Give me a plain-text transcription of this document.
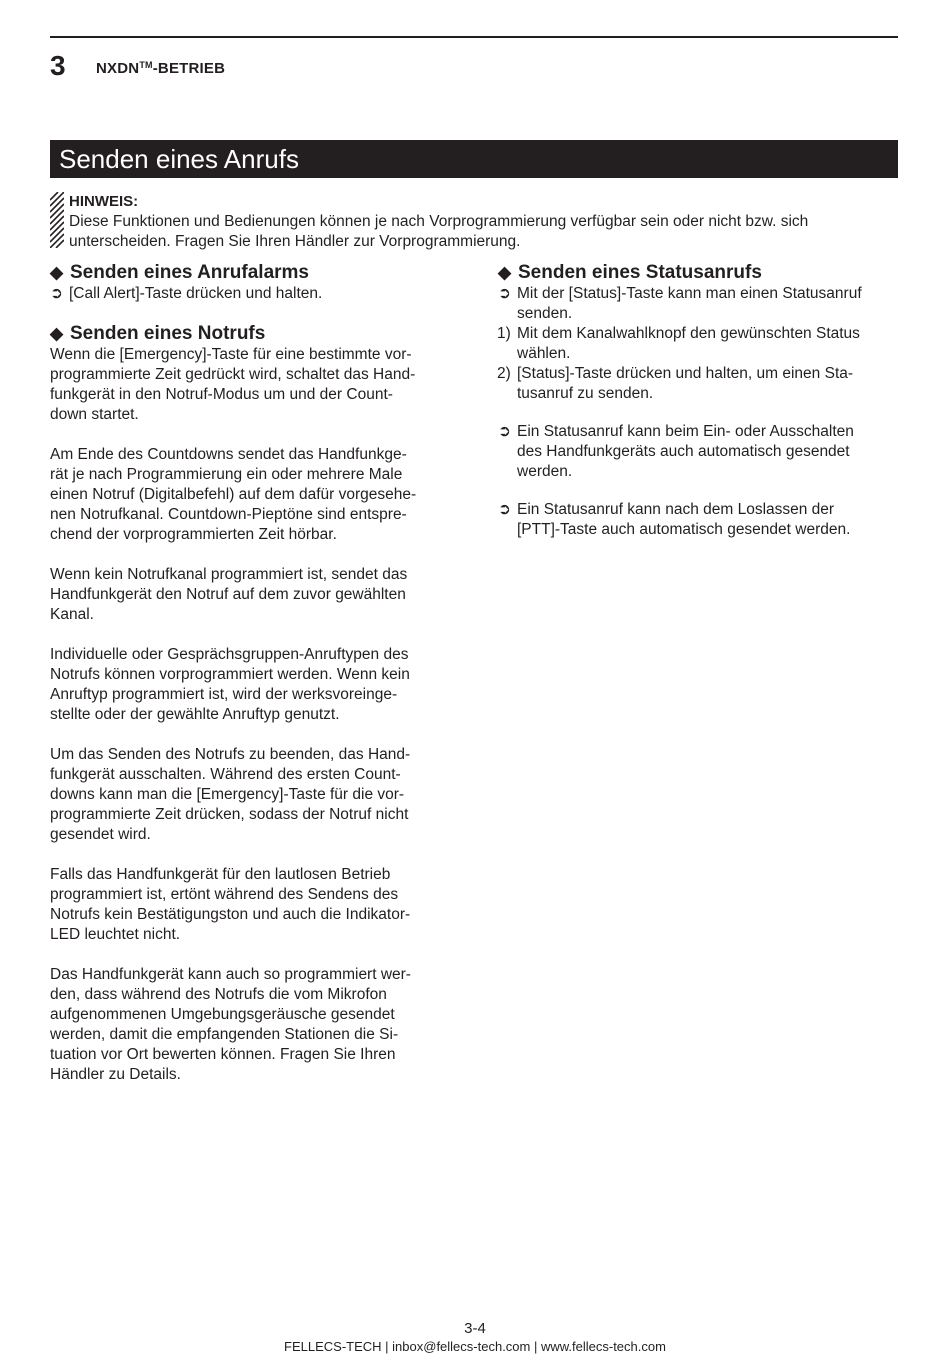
3 NXDN™-BETRIEB
Senden eines Anrufs
HINWEIS:
Diese Funktionen und Bedienungen können je nach Vorprogrammierung verfügbar sein oder nicht bzw. sich
unterscheiden. Fragen Sie Ihren Händler zur Vorprogrammierung.
◆ Senden eines Anrufalarms
➲ [Call Alert]-Taste drücken und halten.
◆ Senden eines Notrufs
Wenn die [Emergency]-Taste für eine bestimmte vor-
programmierte Zeit gedrückt wird, schaltet das Hand-
funkgerät in den Notruf-Modus um und der Count-
down startet.
Am Ende des Countdowns sendet das Handfunkge-
rät je nach Programmierung ein oder mehrere Male
einen Notruf (Digitalbefehl) auf dem dafür vorgesehe-
nen Notrufkanal. Countdown-Pieptöne sind entspre-
chend der vorprogrammierten Zeit hörbar.
Wenn kein Notrufkanal programmiert ist, sendet das
Handfunkgerät den Notruf auf dem zuvor gewählten
Kanal.
Individuelle oder Gesprächsgruppen-Anruftypen des
Notrufs können vorprogrammiert werden. Wenn kein
Anruftyp programmiert ist, wird der werksvoreinge-
stellte oder der gewählte Anruftyp genutzt.
Um das Senden des Notrufs zu beenden, das Hand-
funkgerät ausschalten. Während des ersten Count-
downs kann man die [Emergency]-Taste für die vor-
programmierte Zeit drücken, sodass der Notruf nicht
gesendet wird.
Falls das Handfunkgerät für den lautlosen Betrieb
programmiert ist, ertönt während des Sendens des
Notrufs kein Bestätigungston und auch die Indikator-
LED leuchtet nicht.
Das Handfunkgerät kann auch so programmiert wer-
den, dass während des Notrufs die vom Mikrofon
aufgenommenen Umgebungsgeräusche gesendet
werden, damit die empfangenden Stationen die Si-
tuation vor Ort bewerten können. Fragen Sie Ihren
Händler zu Details.
◆ Senden eines Statusanrufs
➲ Mit der [Status]-Taste kann man einen Statusanruf
senden.
1) Mit dem Kanalwahlknopf den gewünschten Status
wählen.
2) [Status]-Taste drücken und halten, um einen Sta-
tusanruf zu senden.
➲ Ein Statusanruf kann beim Ein- oder Ausschalten
des Handfunkgeräts auch automatisch gesendet
werden.
➲ Ein Statusanruf kann nach dem Loslassen der
[PTT]-Taste auch automatisch gesendet werden.
3-4
FELLECS-TECH | inbox@fellecs-tech.com | www.fellecs-tech.com
